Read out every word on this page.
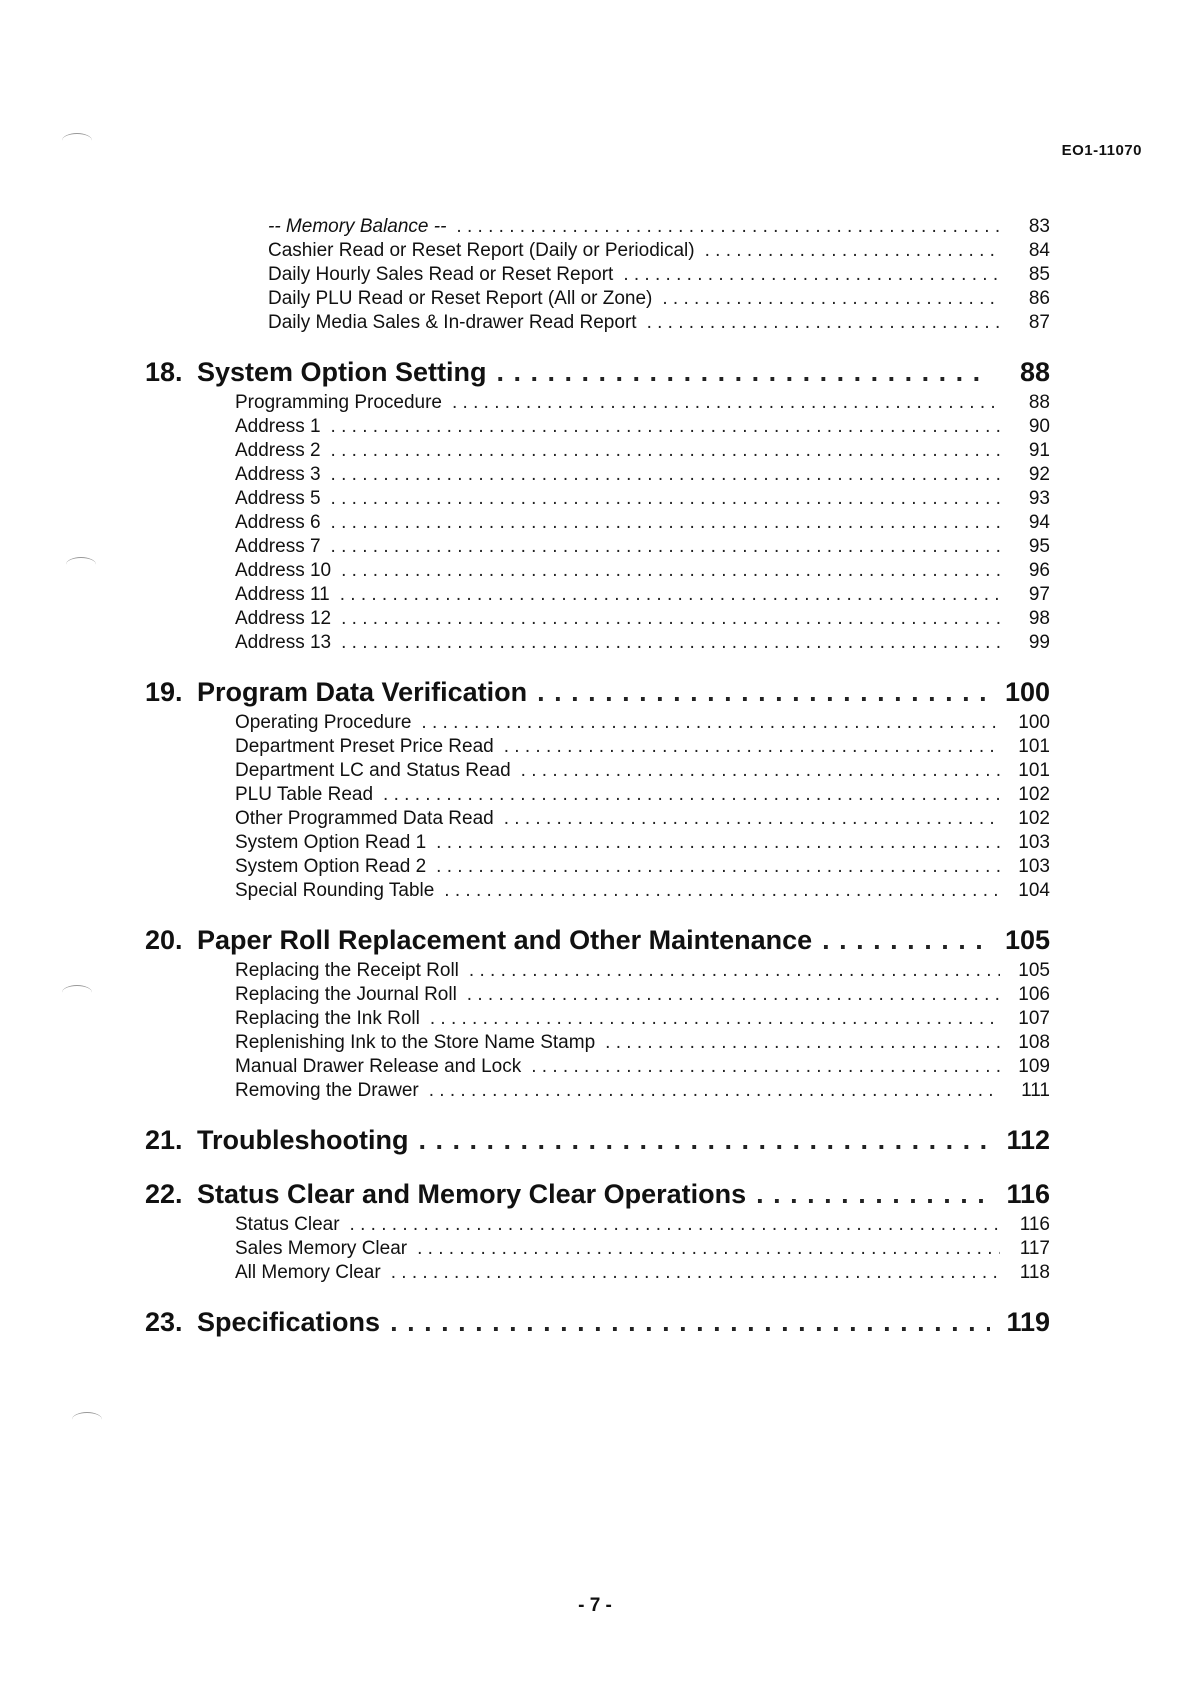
EO1-11070
-- Memory Balance -- . . .	83
Cashier Read or Reset Report (Daily or Periodical) . . .	84
Daily Hourly Sales Read or Reset Report . . .	85
Daily PLU Read or Reset Report (All or Zone) . . .	86
Daily Media Sales & In-drawer Read Report . . .	87
18. System Option Setting . . .	88
Programming Procedure . . .	88
Address 1 . . .	90
Address 2 . . .	91
Address 3 . . .	92
Address 5 . . .	93
Address 6 . . .	94
Address 7 . . .	95
Address 10 . . .	96
Address 11 . . .	97
Address 12 . . .	98
Address 13 . . .	99
19. Program Data Verification . . .	100
Operating Procedure . . .	100
Department Preset Price Read . . .	101
Department LC and Status Read . . .	101
PLU Table Read . . .	102
Other Programmed Data Read . . .	102
System Option Read 1 . . .	103
System Option Read 2 . . .	103
Special Rounding Table . . .	104
20. Paper Roll Replacement and Other Maintenance . . .	105
Replacing the Receipt Roll . . .	105
Replacing the Journal Roll . . .	106
Replacing the Ink Roll . . .	107
Replenishing Ink to the Store Name Stamp . . .	108
Manual Drawer Release and Lock . . .	109
Removing the Drawer . . .	111
21. Troubleshooting . . .	112
22. Status Clear and Memory Clear Operations . . .	116
Status Clear . . .	116
Sales Memory Clear . . .	117
All Memory Clear . . .	118
23. Specifications . . .	119
- 7 -
